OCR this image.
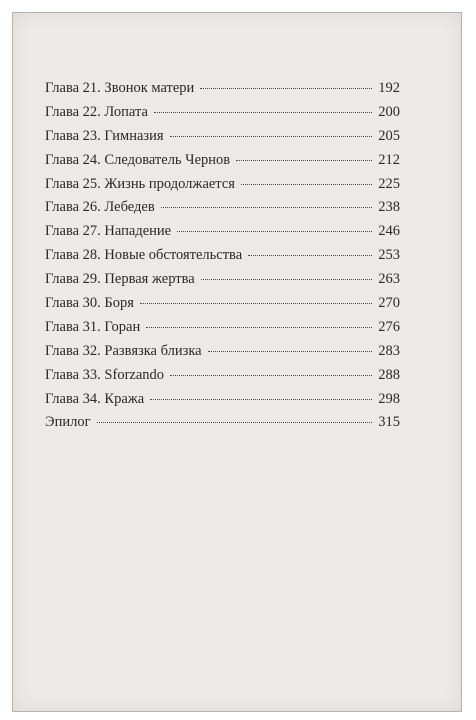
Глава 21. Звонок матери	192
Глава 22. Лопата	200
Глава 23. Гимназия	205
Глава 24. Следователь Чернов	212
Глава 25. Жизнь продолжается	225
Глава 26. Лебедев	238
Глава 27. Нападение	246
Глава 28. Новые обстоятельства	253
Глава 29. Первая жертва	263
Глава 30. Боря	270
Глава 31. Горан	276
Глава 32. Развязка близка	283
Глава 33. Sforzando	288
Глава 34. Кража	298
Эпилог	315
